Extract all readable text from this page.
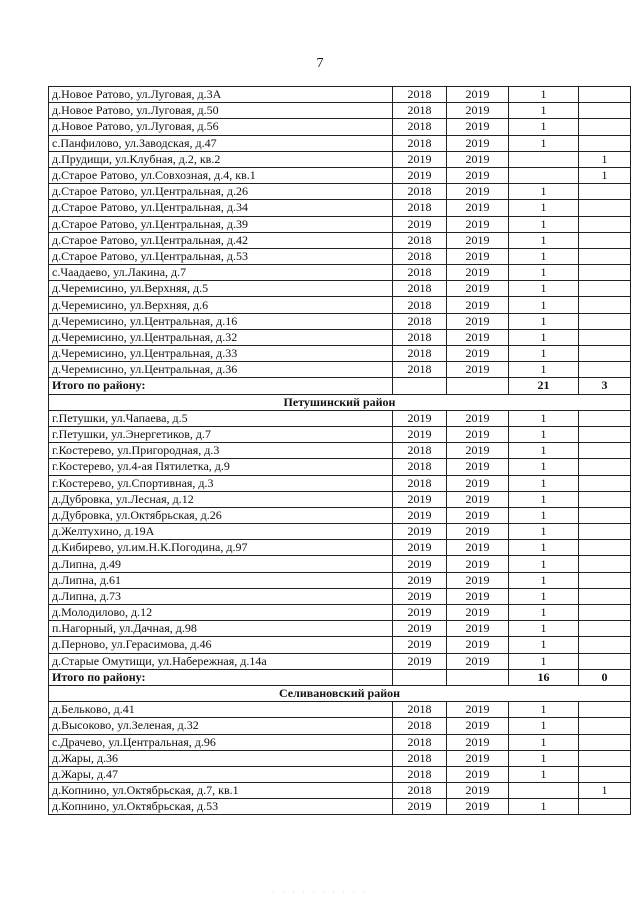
7
д.Новое Ратово, ул.Луговая, д.3А	2018	2019	1	
д.Новое Ратово, ул.Луговая, д.50	2018	2019	1	
д.Новое Ратово, ул.Луговая, д.56	2018	2019	1	
с.Панфилово, ул.Заводская, д.47	2018	2019	1	
д.Прудищи, ул.Клубная, д.2, кв.2	2019	2019		1
д.Старое Ратово, ул.Совхозная, д.4, кв.1	2019	2019		1
д.Старое Ратово, ул.Центральная, д.26	2018	2019	1	
д.Старое Ратово, ул.Центральная, д.34	2018	2019	1	
д.Старое Ратово, ул.Центральная, д.39	2019	2019	1	
д.Старое Ратово, ул.Центральная, д.42	2018	2019	1	
д.Старое Ратово, ул.Центральная, д.53	2018	2019	1	
с.Чаадаево, ул.Лакина, д.7	2018	2019	1	
д.Черемисино, ул.Верхняя, д.5	2018	2019	1	
д.Черемисино, ул.Верхняя, д.6	2018	2019	1	
д.Черемисино, ул.Центральная, д.16	2018	2019	1	
д.Черемисино, ул.Центральная, д.32	2018	2019	1	
д.Черемисино, ул.Центральная, д.33	2018	2019	1	
д.Черемисино, ул.Центральная, д.36	2018	2019	1	
Итого по району:			21	3
Петушинский район				
г.Петушки, ул.Чапаева, д.5	2019	2019	1	
г.Петушки, ул.Энергетиков, д.7	2019	2019	1	
г.Костерево, ул.Пригородная, д.3	2018	2019	1	
г.Костерево, ул.4-ая Пятилетка, д.9	2018	2019	1	
г.Костерево, ул.Спортивная, д.3	2018	2019	1	
д.Дубровка, ул.Лесная, д.12	2019	2019	1	
д.Дубровка, ул.Октябрьская, д.26	2019	2019	1	
д.Желтухино, д.19А	2019	2019	1	
д.Кибирево, ул.им.Н.К.Погодина, д.97	2019	2019	1	
д.Липна, д.49	2019	2019	1	
д.Липна, д.61	2019	2019	1	
д.Липна, д.73	2019	2019	1	
д.Молодилово, д.12	2019	2019	1	
п.Нагорный, ул.Дачная, д.98	2019	2019	1	
д.Перново, ул.Герасимова, д.46	2019	2019	1	
д.Старые Омутищи, ул.Набережная, д.14а	2019	2019	1	
Итого по району:			16	0
Селивановский район				
д.Бельково, д.41	2018	2019	1	
д.Высоково, ул.Зеленая, д.32	2018	2019	1	
с.Драчево, ул.Центральная, д.96	2018	2019	1	
д.Жары, д.36	2018	2019	1	
д.Жары, д.47	2018	2019	1	
д.Копнино, ул.Октябрьская, д.7, кв.1	2018	2019		1
д.Копнино, ул.Октябрьская, д.53	2019	2019	1	
· · · · · · · · · ·
